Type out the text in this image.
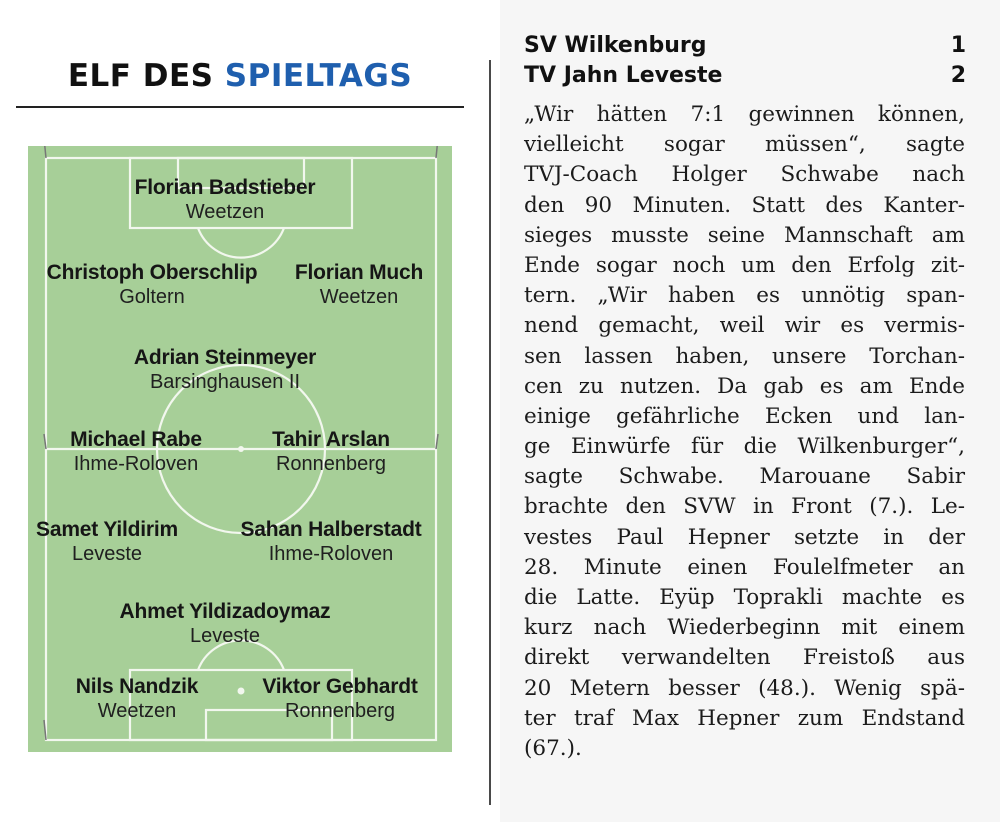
ELF DES SPIELTAGS
Florian Badstieber
Weetzen
Christoph Oberschlip
Goltern
Florian Much
Weetzen
Adrian Steinmeyer
Barsinghausen II
Michael Rabe
Ihme-Roloven
Tahir Arslan
Ronnenberg
Samet Yildirim
Leveste
Sahan Halberstadt
Ihme-Roloven
Ahmet Yildizadoymaz
Leveste
Nils Nandzik
Weetzen
Viktor Gebhardt
Ronnenberg
SV Wilkenburg	1
TV Jahn Leveste	2
„Wir hätten 7:1 gewinnen können,
vielleicht sogar müssen“, sagte
TVJ-Coach Holger Schwabe nach
den 90 Minuten. Statt des Kanter-
sieges musste seine Mannschaft am
Ende sogar noch um den Erfolg zit-
tern. „Wir haben es unnötig span-
nend gemacht, weil wir es vermis-
sen lassen haben, unsere Torchan-
cen zu nutzen. Da gab es am Ende
einige gefährliche Ecken und lan-
ge Einwürfe für die Wilkenburger“,
sagte Schwabe. Marouane Sabir
brachte den SVW in Front (7.). Le-
vestes Paul Hepner setzte in der
28. Minute einen Foulelfmeter an
die Latte. Eyüp Toprakli machte es
kurz nach Wiederbeginn mit einem
direkt verwandelten Freistoß aus
20 Metern besser (48.). Wenig spä-
ter traf Max Hepner zum Endstand
(67.).
